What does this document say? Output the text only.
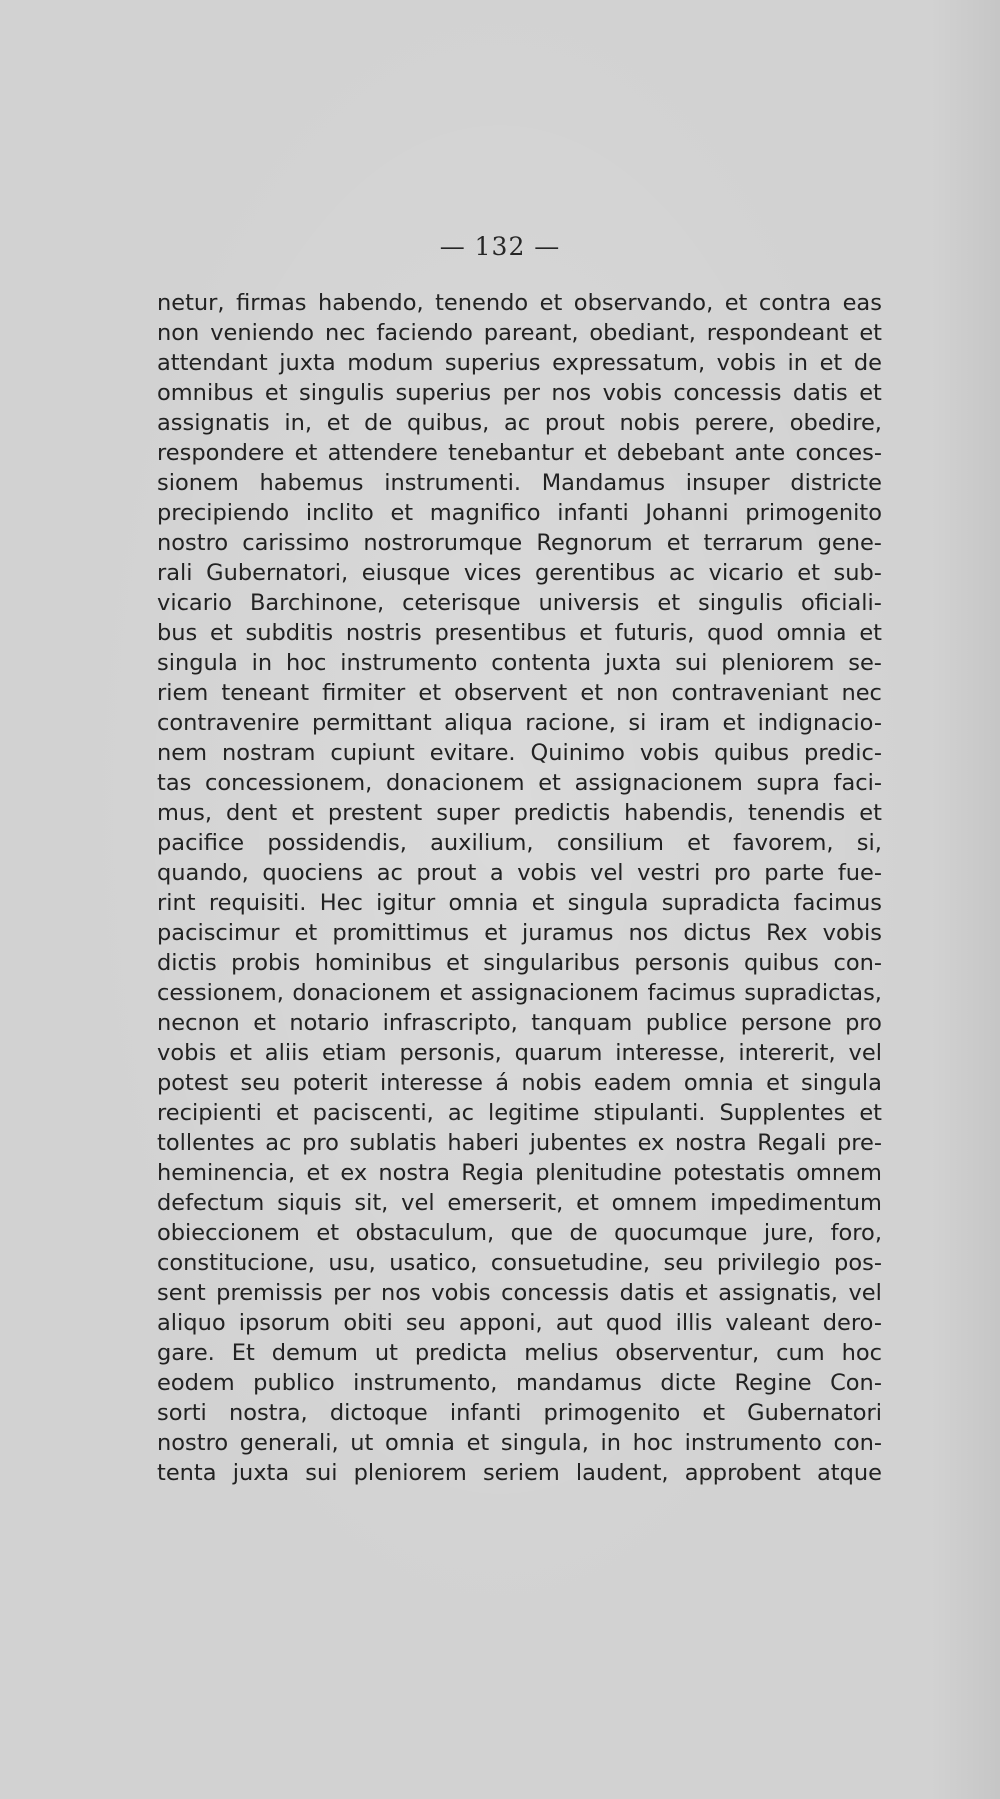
— 132 —
netur, firmas habendo, tenendo et observando, et contra eas
non veniendo nec faciendo pareant, obediant, respondeant et
attendant juxta modum superius expressatum, vobis in et de
omnibus et singulis superius per nos vobis concessis datis et
assignatis in, et de quibus, ac prout nobis perere, obedire,
respondere et attendere tenebantur et debebant ante conces-
sionem habemus instrumenti. Mandamus insuper districte
precipiendo inclito et magnifico infanti Johanni primogenito
nostro carissimo nostrorumque Regnorum et terrarum gene-
rali Gubernatori, eiusque vices gerentibus ac vicario et sub-
vicario Barchinone, ceterisque universis et singulis oficiali-
bus et subditis nostris presentibus et futuris, quod omnia et
singula in hoc instrumento contenta juxta sui pleniorem se-
riem teneant firmiter et observent et non contraveniant nec
contravenire permittant aliqua racione, si iram et indignacio-
nem nostram cupiunt evitare. Quinimo vobis quibus predic-
tas concessionem, donacionem et assignacionem supra faci-
mus, dent et prestent super predictis habendis, tenendis et
pacifice possidendis, auxilium, consilium et favorem, si,
quando, quociens ac prout a vobis vel vestri pro parte fue-
rint requisiti. Hec igitur omnia et singula supradicta facimus
paciscimur et promittimus et juramus nos dictus Rex vobis
dictis probis hominibus et singularibus personis quibus con-
cessionem, donacionem et assignacionem facimus supradictas,
necnon et notario infrascripto, tanquam publice persone pro
vobis et aliis etiam personis, quarum interesse, intererit, vel
potest seu poterit interesse á nobis eadem omnia et singula
recipienti et paciscenti, ac legitime stipulanti. Supplentes et
tollentes ac pro sublatis haberi jubentes ex nostra Regali pre-
heminencia, et ex nostra Regia plenitudine potestatis omnem
defectum siquis sit, vel emerserit, et omnem impedimentum
obieccionem et obstaculum, que de quocumque jure, foro,
constitucione, usu, usatico, consuetudine, seu privilegio pos-
sent premissis per nos vobis concessis datis et assignatis, vel
aliquo ipsorum obiti seu apponi, aut quod illis valeant dero-
gare. Et demum ut predicta melius observentur, cum hoc
eodem publico instrumento, mandamus dicte Regine Con-
sorti nostra, dictoque infanti primogenito et Gubernatori
nostro generali, ut omnia et singula, in hoc instrumento con-
tenta juxta sui pleniorem seriem laudent, approbent atque
